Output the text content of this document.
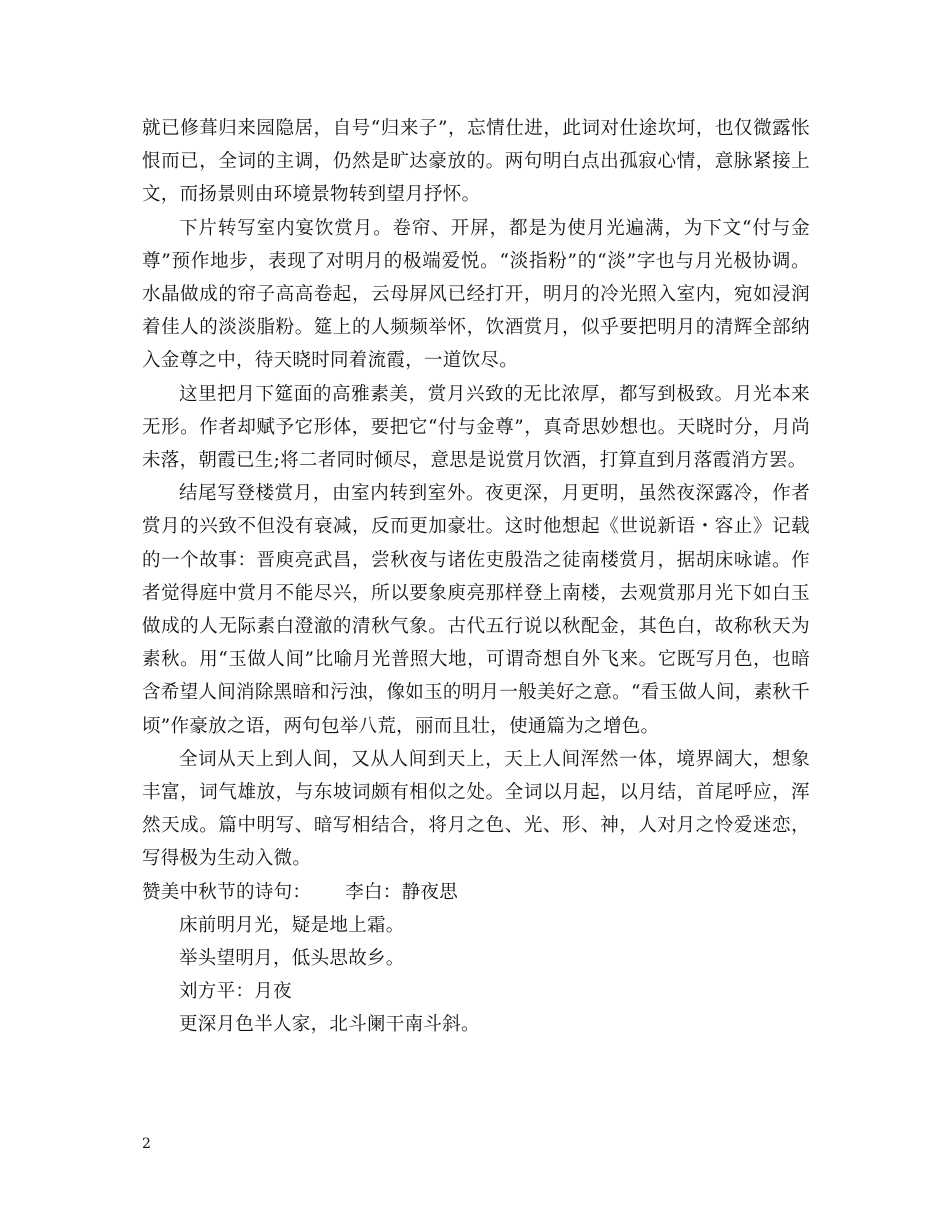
就已修葺归来园隐居，自号“归来子”，忘情仕进，此词对仕途坎坷，也仅微露怅恨而已，全词的主调，仍然是旷达豪放的。两句明白点出孤寂心情，意脉紧接上文，而扬景则由环境景物转到望月抒怀。

下片转写室内宴饮赏月。卷帘、开屏，都是为使月光遍满，为下文“付与金尊”预作地步，表现了对明月的极端爱悦。“淡指粉”的“淡”字也与月光极协调。水晶做成的帘子高高卷起，云母屏风已经打开，明月的冷光照入室内，宛如浸润着佳人的淡淡脂粉。筵上的人频频举怀，饮酒赏月，似乎要把明月的清辉全部纳入金尊之中，待天晓时同着流霞，一道饮尽。

这里把月下筵面的高雅素美，赏月兴致的无比浓厚，都写到极致。月光本来无形。作者却赋予它形体，要把它“付与金尊”，真奇思妙想也。天晓时分，月尚未落，朝霞已生;将二者同时倾尽，意思是说赏月饮酒，打算直到月落霞消方罢。

结尾写登楼赏月，由室内转到室外。夜更深，月更明，虽然夜深露冷，作者赏月的兴致不但没有衰减，反而更加豪壮。这时他想起《世说新语・容止》记载的一个故事：晋庾亮武昌，尝秋夜与诸佐吏殷浩之徒南楼赏月，据胡床咏谑。作者觉得庭中赏月不能尽兴，所以要象庾亮那样登上南楼，去观赏那月光下如白玉做成的人无际素白澄澈的清秋气象。古代五行说以秋配金，其色白，故称秋天为素秋。用“玉做人间”比喻月光普照大地，可谓奇想自外飞来。它既写月色，也暗含希望人间消除黑暗和污浊，像如玉的明月一般美好之意。“看玉做人间，素秋千顷”作豪放之语，两句包举八荒，丽而且壮，使通篇为之增色。

全词从天上到人间，又从人间到天上，天上人间浑然一体，境界阔大，想象丰富，词气雄放，与东坡词颇有相似之处。全词以月起，以月结，首尾呼应，浑然天成。篇中明写、暗写相结合，将月之色、光、形、神，人对月之怜爱迷恋，写得极为生动入微。

赞美中秋节的诗句： 李白：静夜思

床前明月光，疑是地上霜。

举头望明月，低头思故乡。

刘方平：月夜

更深月色半人家，北斗阑干南斗斜。

2
